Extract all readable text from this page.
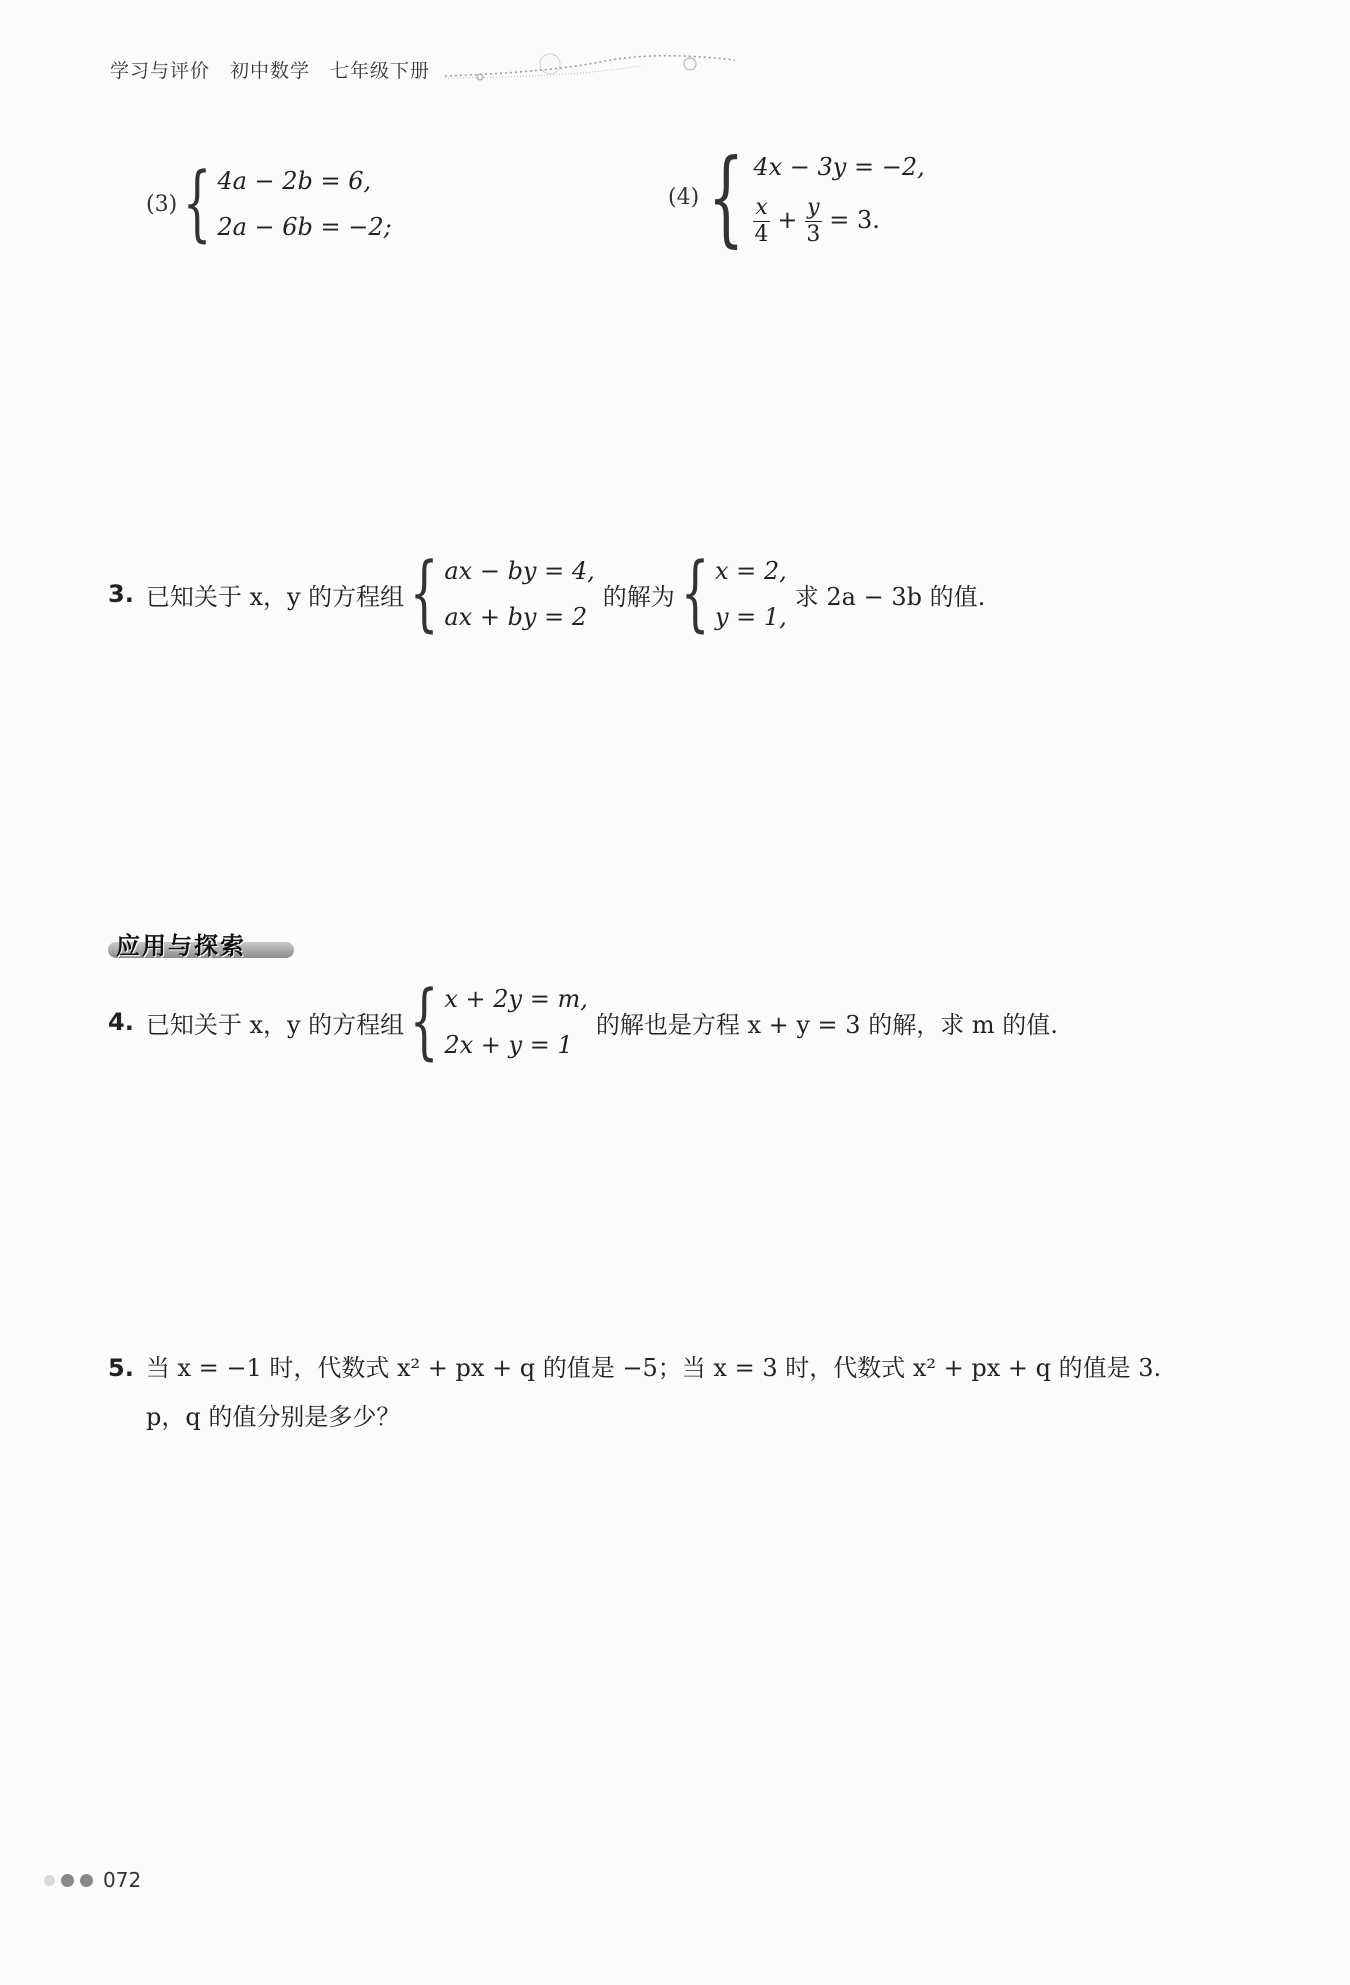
学习与评价　初中数学　七年级下册
(3) { 4a − 2b = 6,
2a − 6b = −2;
(4) { 4x − 3y = −2,
$\frac{x}{4} + \frac{y}{3} = 3$.
3. 已知关于 x，y 的方程组 { ax − by = 4,
ax + by = 2
的解为 { x = 2,
y = 1,
求 2a − 3b 的值.
应用与探索
4. 已知关于 x，y 的方程组 { x + 2y = m,
2x + y = 1
的解也是方程 x + y = 3 的解，求 m 的值.
5. 当 x = −1 时，代数式 x² + px + q 的值是 −5；当 x = 3 时，代数式 x² + px + q 的值是 3.
p，q 的值分别是多少？
072
